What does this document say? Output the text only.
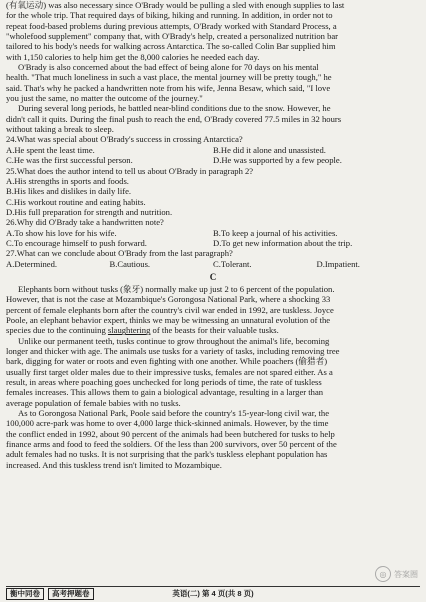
(有氧运动) was also necessary since O'Brady would be pulling a sled with enough supplies to last

for the whole trip. That required days of biking, hiking and running. In addition, in order not to

repeat food-based problems during previous attempts, O'Brady worked with Standard Process, a

"wholefood supplement" company that, with O'Brady's help, created a personalized nutrition bar

tailored to his body's needs for walking across Antarctica. The so-called Colin Bar supplied him

with 1,150 calories to help him get the 8,000 calories he needed each day.

O'Brady is also concerned about the bad effect of being alone for 70 days on his mental

health. "That much loneliness in such a vast place, the mental journey will be pretty tough," he

said. That's why he packed a handwritten note from his wife, Jenna Besaw, which said, "I love

you just the same, no matter the outcome of the journey."

During several long periods, he battled near-blind conditions due to the snow. However, he

didn't call it quits. During the final push to reach the end, O'Brady covered 77.5 miles in 32 hours

without taking a break to sleep.

24.What was special about O'Brady's success in crossing Antarctica?

A.He spent the least time.	B.He did it alone and unassisted.
C.He was the first successful person.	D.He was supported by a few people.

25.What does the author intend to tell us about O'Brady in paragraph 2?

A.His strengths in sports and foods.

B.His likes and dislikes in daily life.

C.His workout routine and eating habits.

D.His full preparation for strength and nutrition.

26.Why did O'Brady take a handwritten note?

A.To show his love for his wife.	B.To keep a journal of his activities.
C.To encourage himself to push forward.	D.To get new information about the trip.

27.What can we conclude about O'Brady from the last paragraph?

A.Determined.	B.Cautious.	C.Tolerant.	D.Impatient.
C

Elephants born without tusks (象牙) normally make up just 2 to 6 percent of the population.

However, that is not the case at Mozambique's Gorongosa National Park, where a shocking 33

percent of female elephants born after the country's civil war ended in 1992, are tuskless. Joyce

Poole, an elephant behavior expert, thinks we may be witnessing an unnatural evolution of the

species due to the continuing slaughtering of the beasts for their valuable tusks.

Unlike our permanent teeth, tusks continue to grow throughout the animal's life, becoming

longer and thicker with age. The animals use tusks for a variety of tasks, including removing tree

bark, digging for water or roots and even fighting with one another. While poachers (偷猎者)

usually first target older males due to their impressive tusks, females are not spared either. As a

result, in areas where poaching goes unchecked for long periods of time, the rate of tuskless

females increases. This allows them to gain a biological advantage, resulting in a larger than

average population of female babies with no tusks.

As to Gorongosa National Park, Poole said before the country's 15-year-long civil war, the

100,000 acre-park was home to over 4,000 large thick-skinned animals. However, by the time

the conflict ended in 1992, about 90 percent of the animals had been butchered for tusks to help

finance arms and food to feed the soldiers. Of the less than 200 survivors, over 50 percent of the

adult females had no tusks. It is not surprising that the park's tuskless elephant population has

increased. And this tuskless trend isn't limited to Mozambique.

◎ 答案圈
衡中同卷	高考押题卷	英语(二) 第 4 页(共 8 页)
